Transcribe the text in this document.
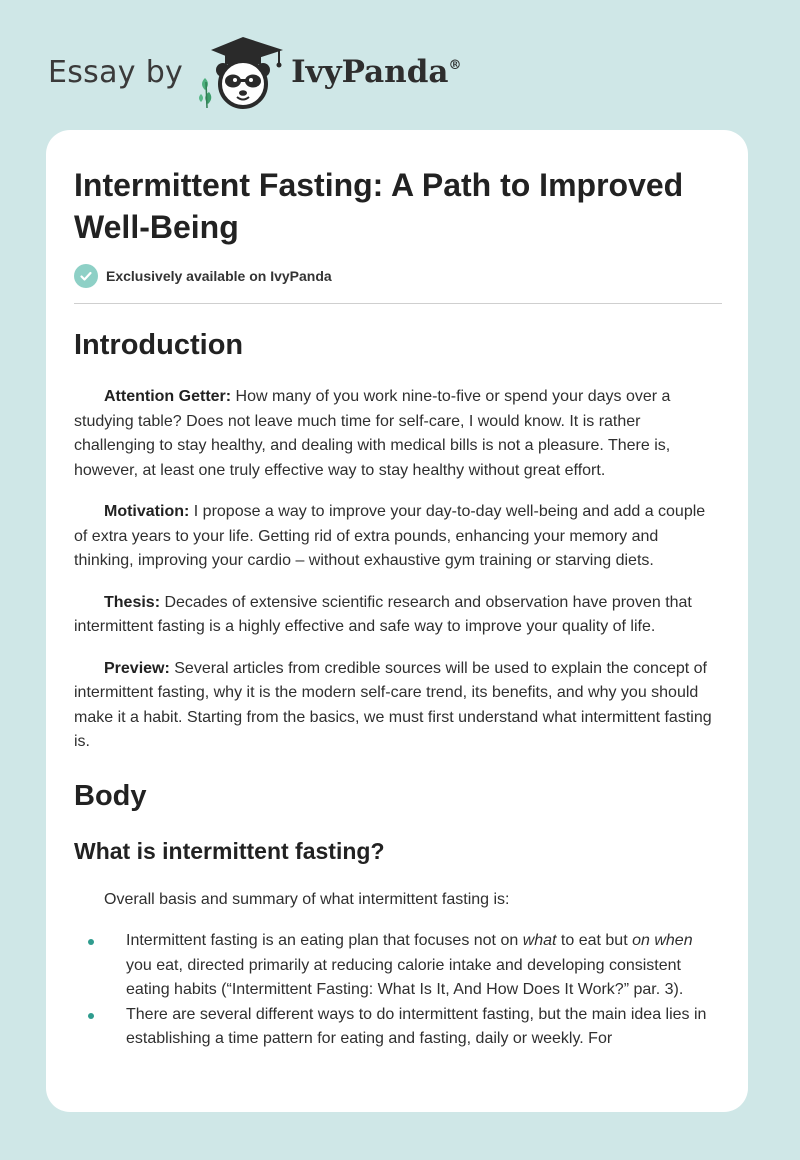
Essay by	IvyPanda®
Intermittent Fasting: A Path to Improved Well-Being
Exclusively available on IvyPanda
Introduction

Attention Getter: How many of you work nine-to-five or spend your days over a studying table? Does not leave much time for self-care, I would know. It is rather challenging to stay healthy, and dealing with medical bills is not a pleasure. There is, however, at least one truly effective way to stay healthy without great effort.

Motivation: I propose a way to improve your day-to-day well-being and add a couple of extra years to your life. Getting rid of extra pounds, enhancing your memory and thinking, improving your cardio – without exhaustive gym training or starving diets.

Thesis: Decades of extensive scientific research and observation have proven that intermittent fasting is a highly effective and safe way to improve your quality of life.

Preview: Several articles from credible sources will be used to explain the concept of intermittent fasting, why it is the modern self-care trend, its benefits, and why you should make it a habit. Starting from the basics, we must first understand what intermittent fasting is.

Body
What is intermittent fasting?

Overall basis and summary of what intermittent fasting is:

Intermittent fasting is an eating plan that focuses not on what to eat but on when you eat, directed primarily at reducing calorie intake and developing consistent eating habits (“Intermittent Fasting: What Is It, And How Does It Work?” par. 3).
There are several different ways to do intermittent fasting, but the main idea lies in establishing a time pattern for eating and fasting, daily or weekly. For
